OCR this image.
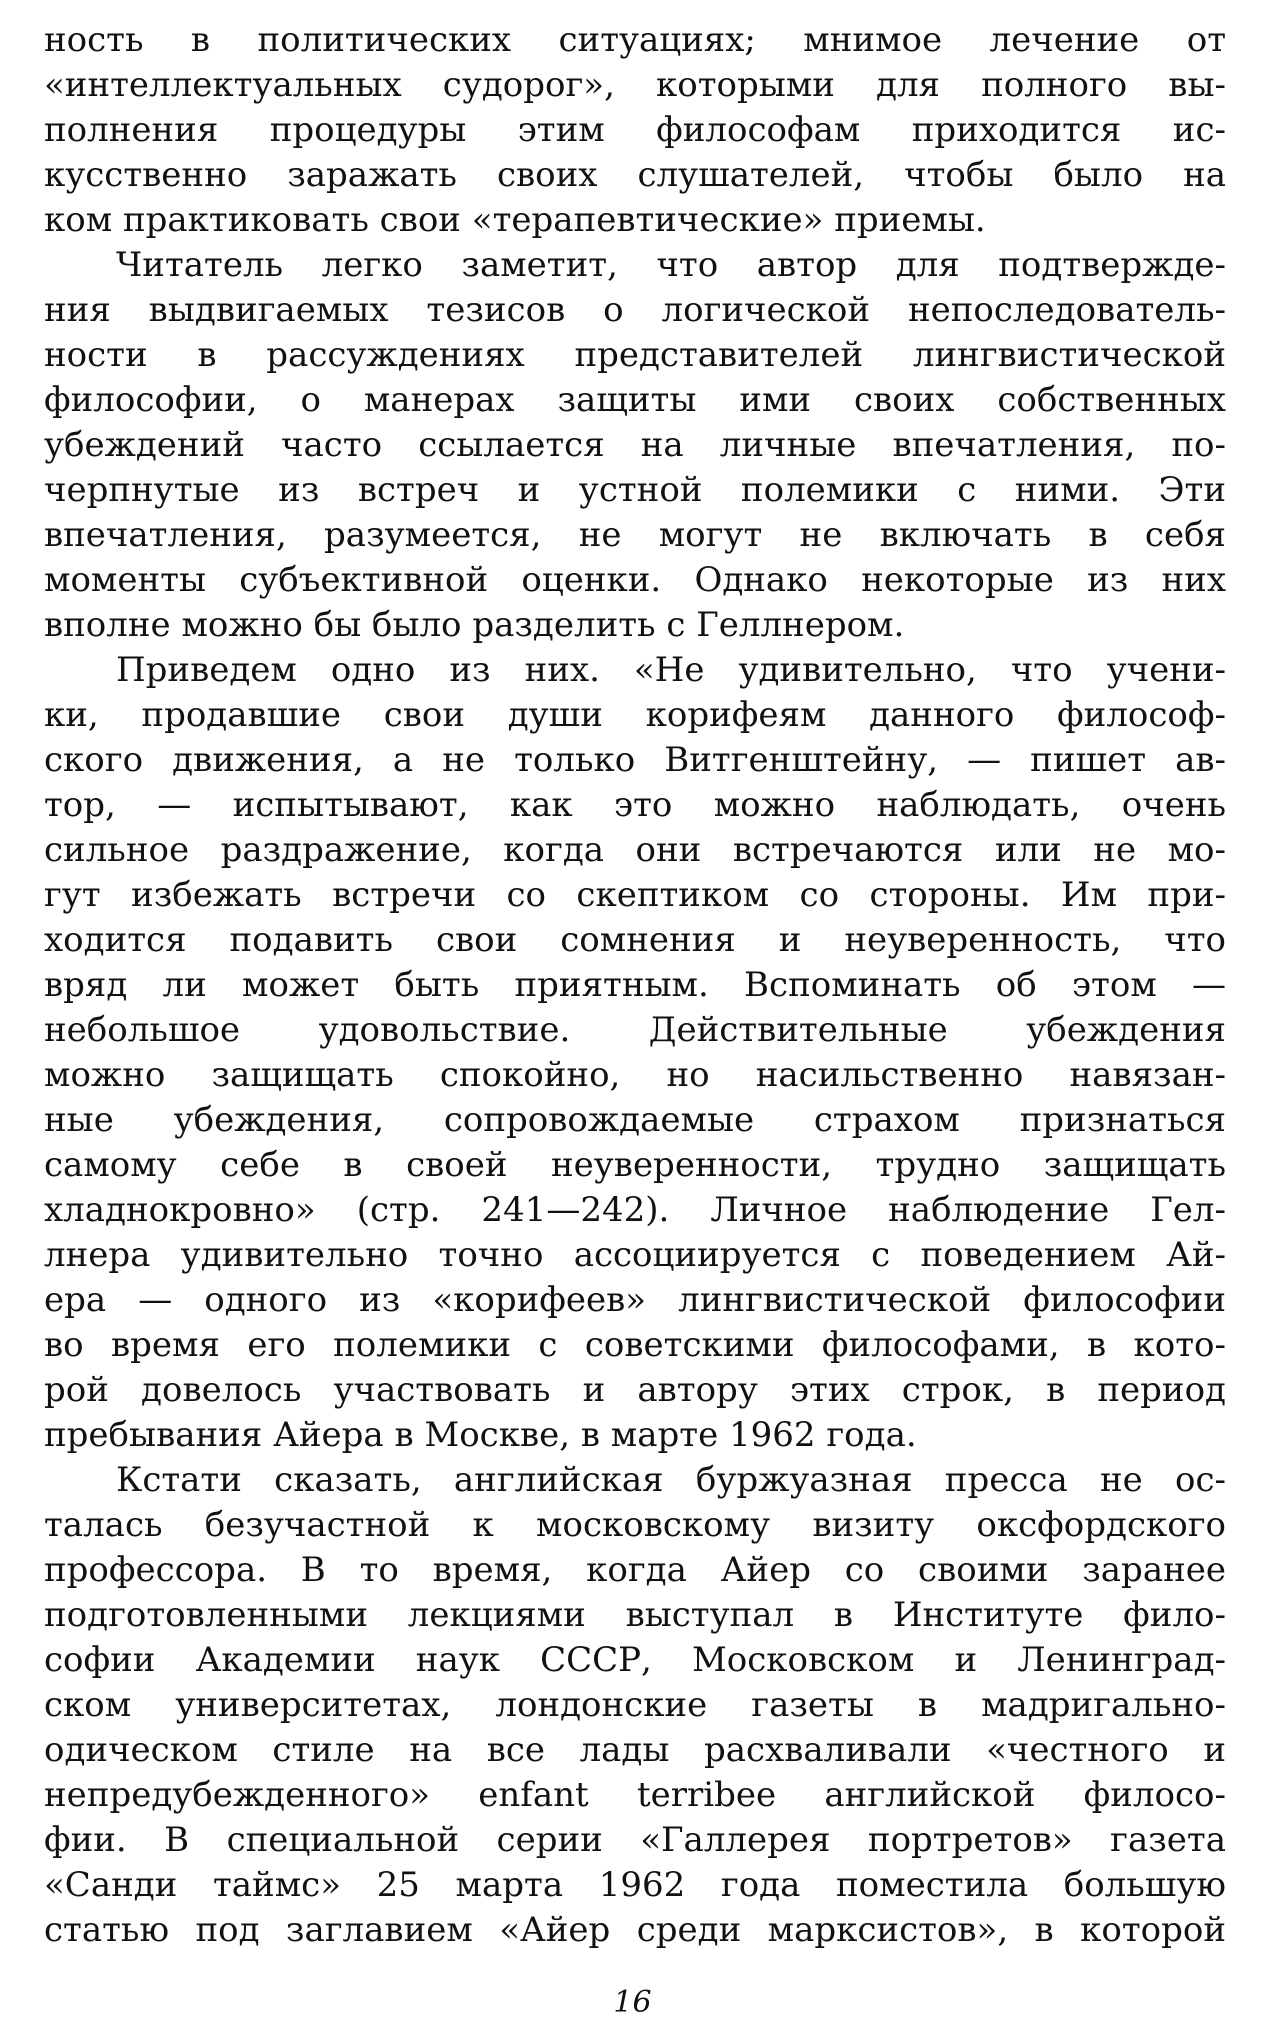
ность в политических ситуациях; мнимое лечение от
«интеллектуальных судорог», которыми для полного вы-
полнения процедуры этим философам приходится ис-
кусственно заражать своих слушателей, чтобы было на
ком практиковать свои «терапевтические» приемы.
Читатель легко заметит, что автор для подтвержде-
ния выдвигаемых тезисов о логической непоследователь-
ности в рассуждениях представителей лингвистической
философии, о манерах защиты ими своих собственных
убеждений часто ссылается на личные впечатления, по-
черпнутые из встреч и устной полемики с ними. Эти
впечатления, разумеется, не могут не включать в себя
моменты субъективной оценки. Однако некоторые из них
вполне можно бы было разделить с Геллнером.
Приведем одно из них. «Не удивительно, что учени-
ки, продавшие свои души корифеям данного философ-
ского движения, а не только Витгенштейну, — пишет ав-
тор, — испытывают, как это можно наблюдать, очень
сильное раздражение, когда они встречаются или не мо-
гут избежать встречи со скептиком со стороны. Им при-
ходится подавить свои сомнения и неуверенность, что
вряд ли может быть приятным. Вспоминать об этом —
небольшое удовольствие. Действительные убеждения
можно защищать спокойно, но насильственно навязан-
ные убеждения, сопровождаемые страхом признаться
самому себе в своей неуверенности, трудно защищать
хладнокровно» (стр. 241—242). Личное наблюдение Гел-
лнера удивительно точно ассоциируется с поведением Ай-
ера — одного из «корифеев» лингвистической философии
во время его полемики с советскими философами, в кото-
рой довелось участвовать и автору этих строк, в период
пребывания Айера в Москве, в марте 1962 года.
Кстати сказать, английская буржуазная пресса не ос-
талась безучастной к московскому визиту оксфордского
профессора. В то время, когда Айер со своими заранее
подготовленными лекциями выступал в Институте фило-
софии Академии наук СССР, Московском и Ленинград-
ском университетах, лондонские газеты в мадригально-
одическом стиле на все лады расхваливали «честного и
непредубежденного» enfant terribee английской филосо-
фии. В специальной серии «Галлерея портретов» газета
«Санди таймс» 25 марта 1962 года поместила большую
статью под заглавием «Айер среди марксистов», в которой
16
